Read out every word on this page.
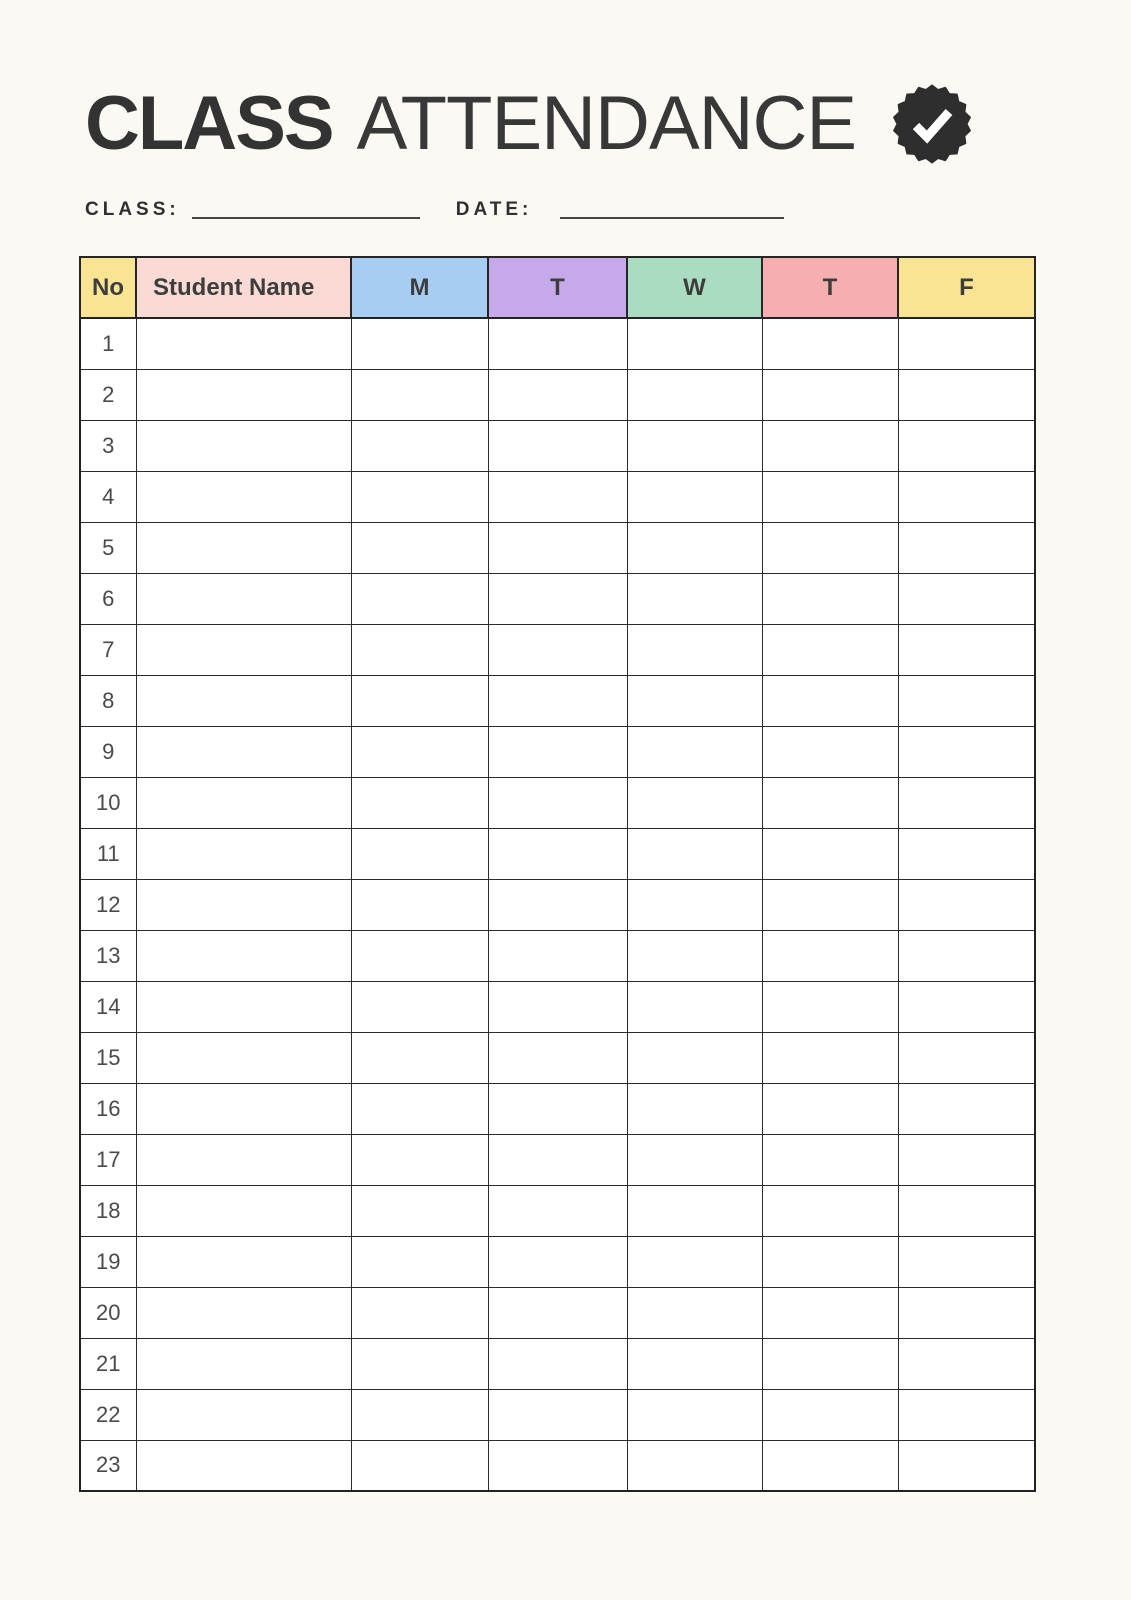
CLASS ATTENDANCE
CLASS:	DATE:
No	Student Name	M	T	W	T	F
1						
2						
3						
4						
5						
6						
7						
8						
9						
10						
11						
12						
13						
14						
15						
16						
17						
18						
19						
20						
21						
22						
23						
